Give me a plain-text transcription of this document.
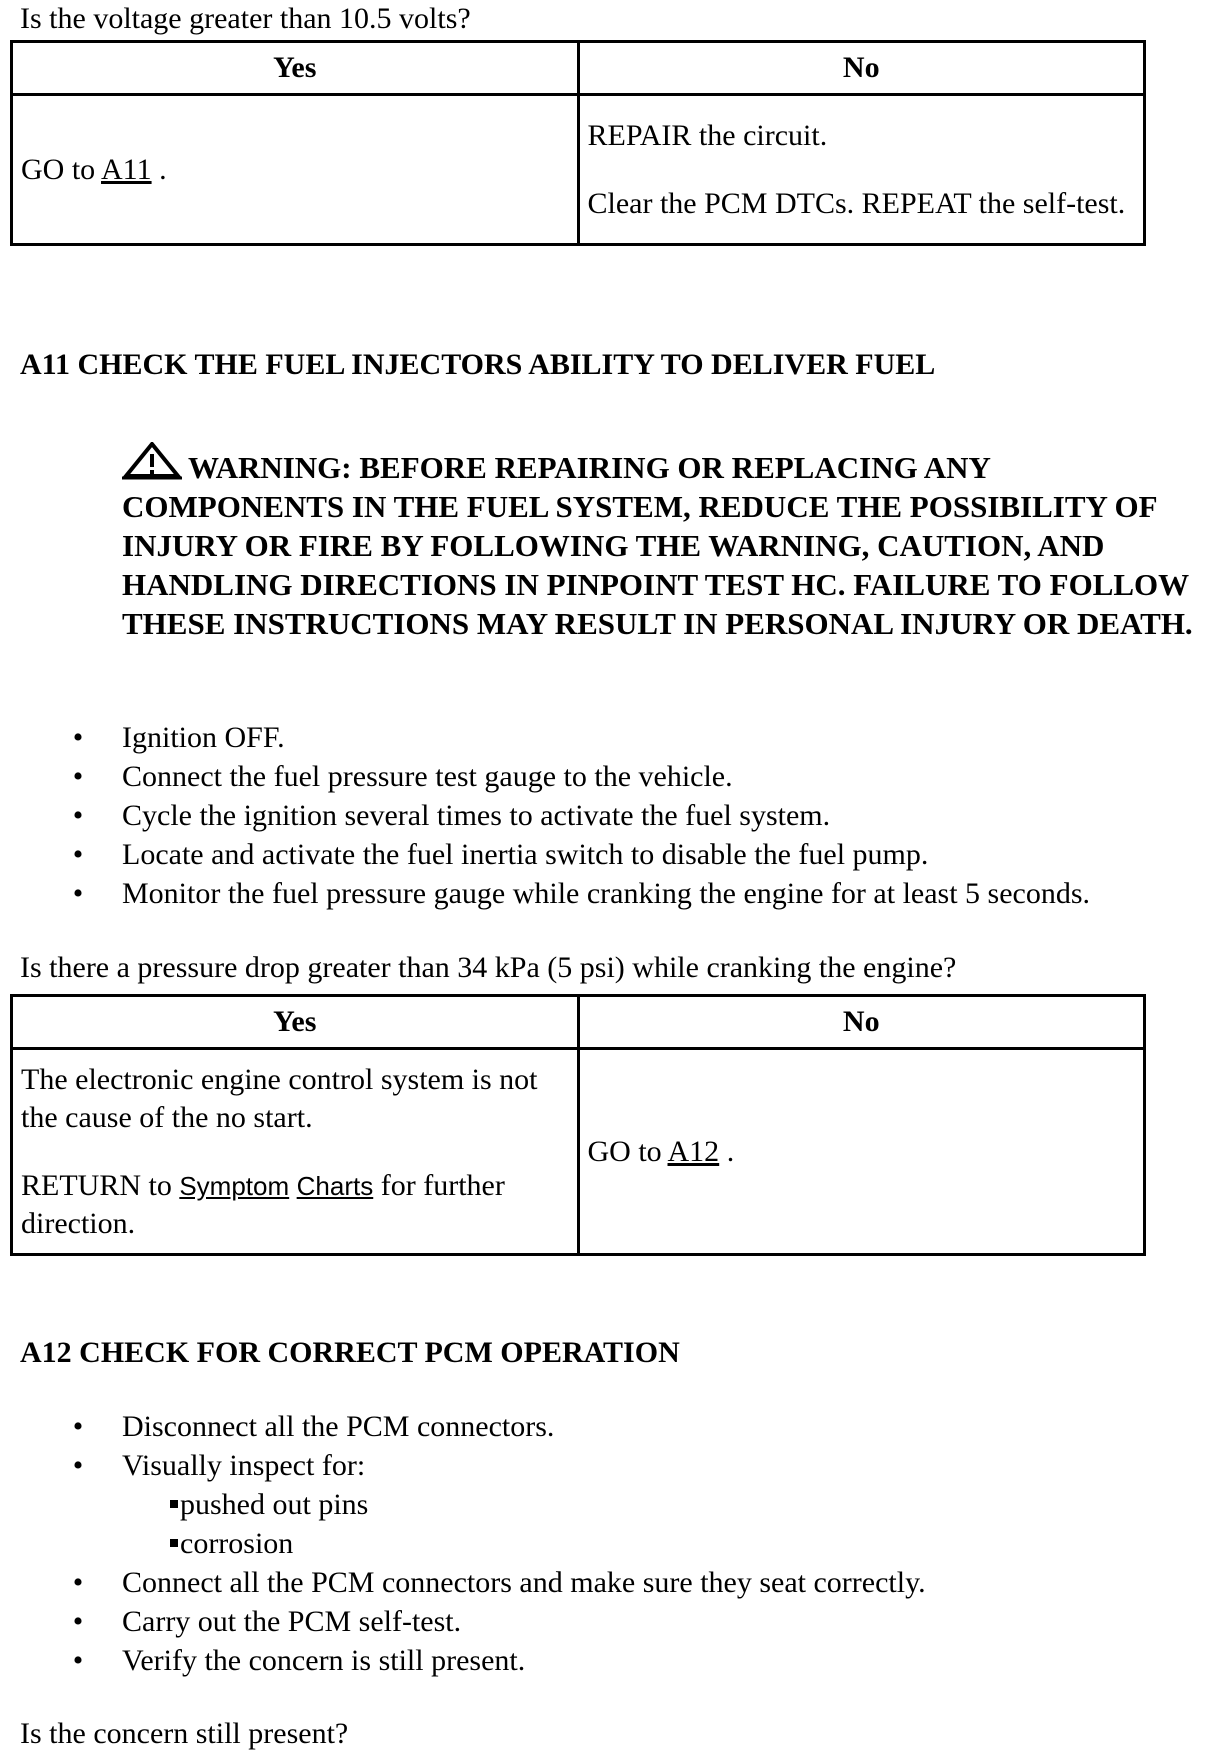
Is the voltage greater than 10.5 volts?
Yes	No
GO to A11 .	REPAIR the circuit.

Clear the PCM DTCs. REPEAT the self-test.

A11 CHECK THE FUEL INJECTORS ABILITY TO DELIVER FUEL
WARNING: BEFORE REPAIRING OR REPLACING ANY COMPONENTS IN THE FUEL SYSTEM, REDUCE THE POSSIBILITY OF INJURY OR FIRE BY FOLLOWING THE WARNING, CAUTION, AND HANDLING DIRECTIONS IN PINPOINT TEST HC. FAILURE TO FOLLOW THESE INSTRUCTIONS MAY RESULT IN PERSONAL INJURY OR DEATH.
• Ignition OFF.
• Connect the fuel pressure test gauge to the vehicle.
• Cycle the ignition several times to activate the fuel system.
• Locate and activate the fuel inertia switch to disable the fuel pump.
• Monitor the fuel pressure gauge while cranking the engine for at least 5 seconds.
Is there a pressure drop greater than 34 kPa (5 psi) while cranking the engine?
Yes	No

The electronic engine control system is not the cause of the no start.

RETURN to Symptom Charts for further direction.	GO to A12 .
A12 CHECK FOR CORRECT PCM OPERATION
• Disconnect all the PCM connectors.
• Visually inspect for:
pushed out pins
corrosion
• Connect all the PCM connectors and make sure they seat correctly.
• Carry out the PCM self-test.
• Verify the concern is still present.
Is the concern still present?
